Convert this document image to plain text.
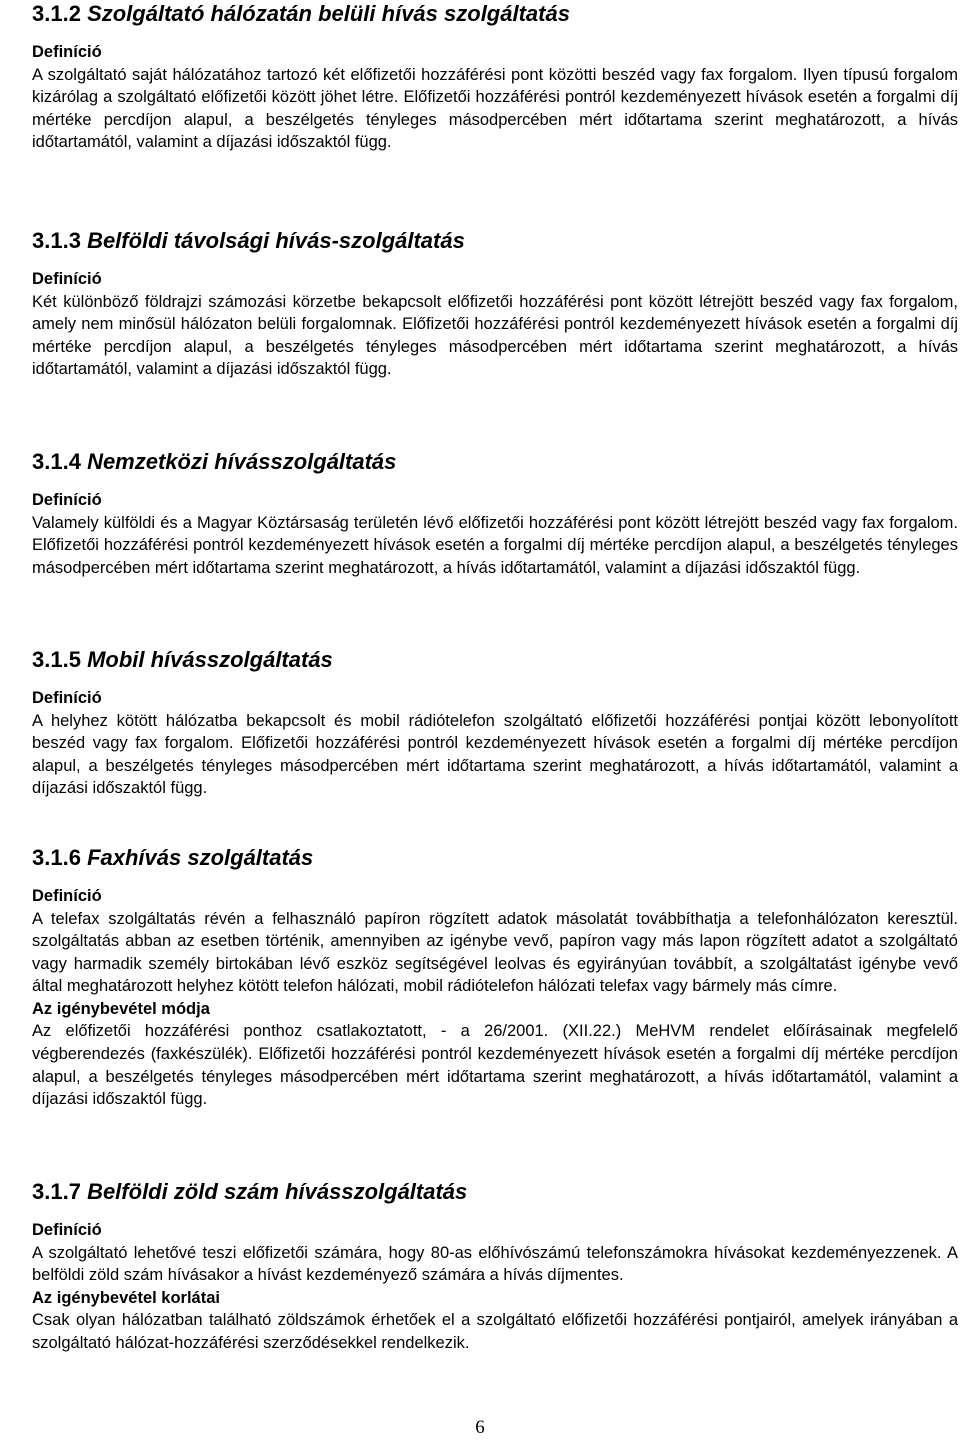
3.1.2 Szolgáltató hálózatán belüli hívás szolgáltatás
Definíció

A szolgáltató saját hálózatához tartozó két előfizetői hozzáférési pont közötti beszéd vagy fax forgalom. Ilyen típusú forgalom kizárólag a szolgáltató előfizetői között jöhet létre. Előfizetői hozzáférési pontról kezdeményezett hívások esetén a forgalmi díj mértéke percdíjon alapul, a beszélgetés tényleges másodpercében mért időtartama szerint meghatározott, a hívás időtartamától, valamint a díjazási időszaktól függ.

3.1.3 Belföldi távolsági hívás-szolgáltatás
Definíció

Két különböző földrajzi számozási körzetbe bekapcsolt előfizetői hozzáférési pont között létrejött beszéd vagy fax forgalom, amely nem minősül hálózaton belüli forgalomnak. Előfizetői hozzáférési pontról kezdeményezett hívások esetén a forgalmi díj mértéke percdíjon alapul, a beszélgetés tényleges másodpercében mért időtartama szerint meghatározott, a hívás időtartamától, valamint a díjazási időszaktól függ.

3.1.4 Nemzetközi hívásszolgáltatás
Definíció

Valamely külföldi és a Magyar Köztársaság területén lévő előfizetői hozzáférési pont között létrejött beszéd vagy fax forgalom. Előfizetői hozzáférési pontról kezdeményezett hívások esetén a forgalmi díj mértéke percdíjon alapul, a beszélgetés tényleges másodpercében mért időtartama szerint meghatározott, a hívás időtartamától, valamint a díjazási időszaktól függ.

3.1.5 Mobil hívásszolgáltatás
Definíció

A helyhez kötött hálózatba bekapcsolt és mobil rádiótelefon szolgáltató előfizetői hozzáférési pontjai között lebonyolított beszéd vagy fax forgalom. Előfizetői hozzáférési pontról kezdeményezett hívások esetén a forgalmi díj mértéke percdíjon alapul, a beszélgetés tényleges másodpercében mért időtartama szerint meghatározott, a hívás időtartamától, valamint a díjazási időszaktól függ.

3.1.6 Faxhívás szolgáltatás
Definíció

A telefax szolgáltatás révén a felhasználó papíron rögzített adatok másolatát továbbíthatja a telefonhálózaton keresztül. szolgáltatás abban az esetben történik, amennyiben az igénybe vevő, papíron vagy más lapon rögzített adatot a szolgáltató vagy harmadik személy birtokában lévő eszköz segítségével leolvas és egyirányúan továbbít, a szolgáltatást igénybe vevő által meghatározott helyhez kötött telefon hálózati, mobil rádiótelefon hálózati telefax vagy bármely más címre.

Az igénybevétel módja

Az előfizetői hozzáférési ponthoz csatlakoztatott, - a 26/2001. (XII.22.) MeHVM rendelet előírásainak megfelelő végberendezés (faxkészülék). Előfizetői hozzáférési pontról kezdeményezett hívások esetén a forgalmi díj mértéke percdíjon alapul, a beszélgetés tényleges másodpercében mért időtartama szerint meghatározott, a hívás időtartamától, valamint a díjazási időszaktól függ.

3.1.7 Belföldi zöld szám hívásszolgáltatás
Definíció

A szolgáltató lehetővé teszi előfizetői számára, hogy 80-as előhívószámú telefonszámokra hívásokat kezdeményezzenek. A belföldi zöld szám hívásakor a hívást kezdeményező számára a hívás díjmentes.

Az igénybevétel korlátai

Csak olyan hálózatban található zöldszámok érhetőek el a szolgáltató előfizetői hozzáférési pontjairól, amelyek irányában a szolgáltató hálózat-hozzáférési szerződésekkel rendelkezik.

6
